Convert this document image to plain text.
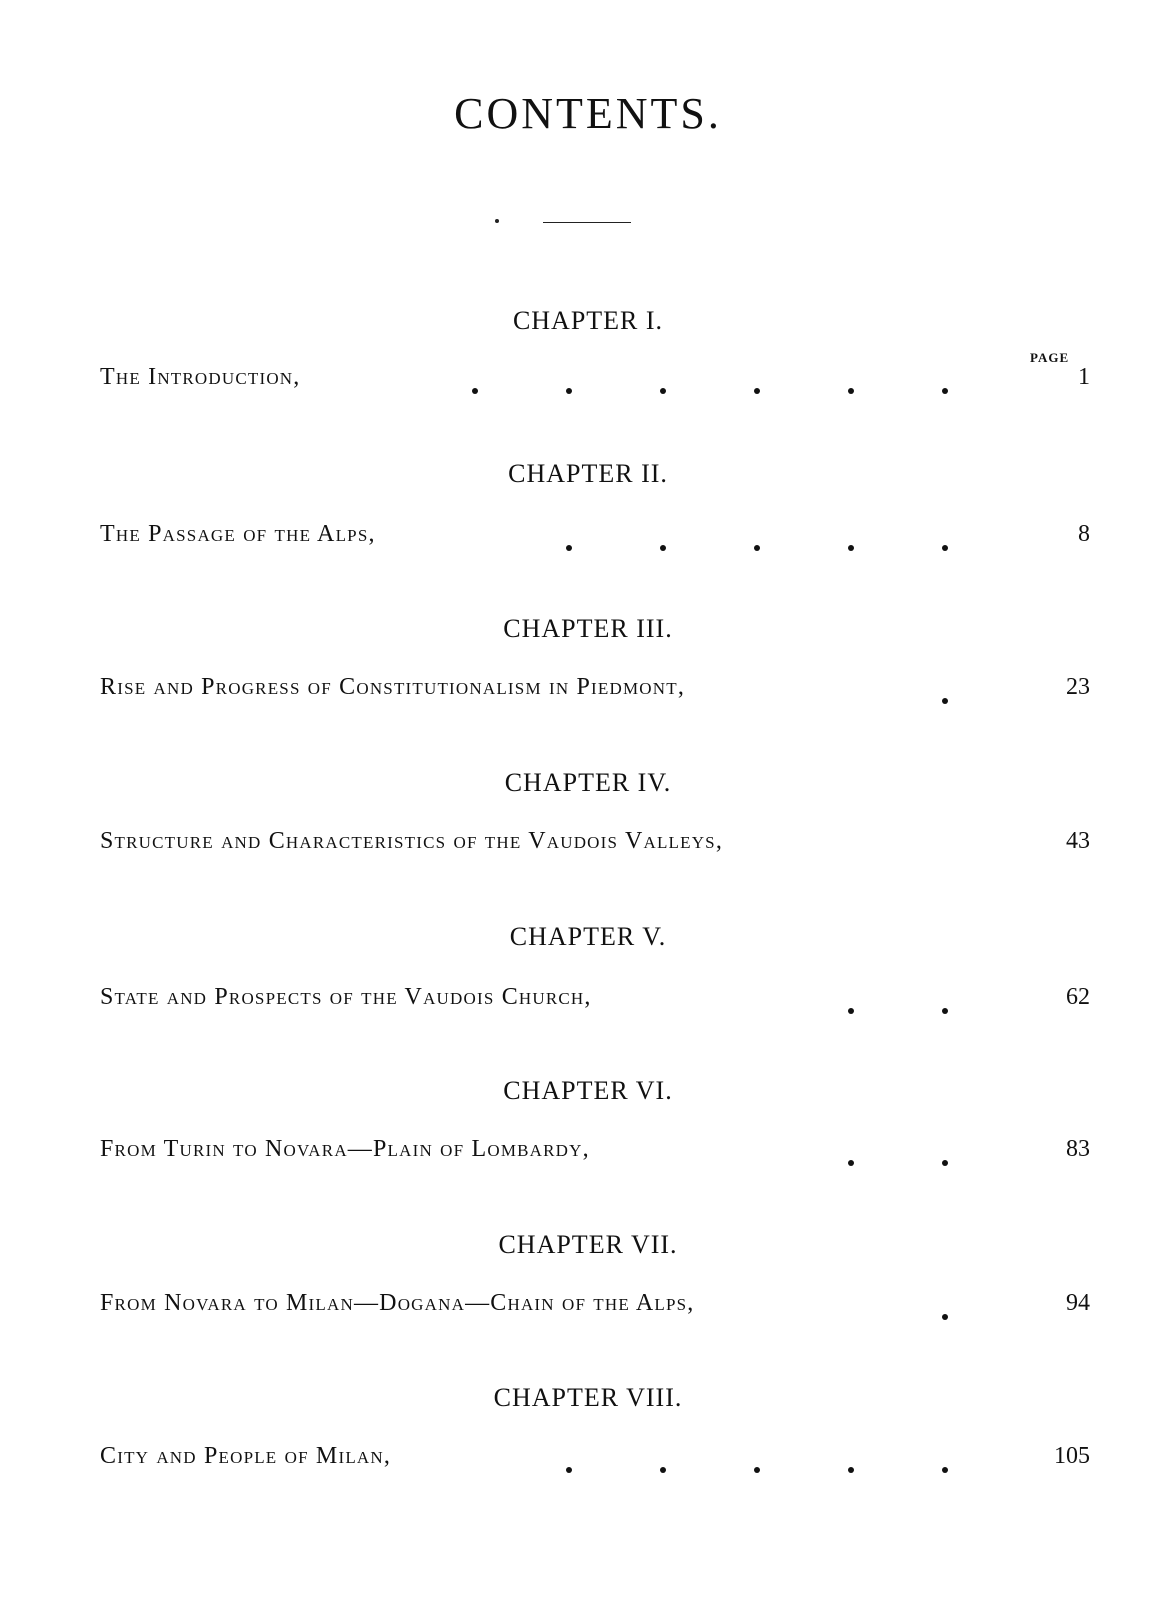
CONTENTS.
PAGE
CHAPTER I.
The Introduction,	1
CHAPTER II.
The Passage of the Alps,	8
CHAPTER III.
Rise and Progress of Constitutionalism in Piedmont,	23
CHAPTER IV.
Structure and Characteristics of the Vaudois Valleys,	43
CHAPTER V.
State and Prospects of the Vaudois Church,	62
CHAPTER VI.
From Turin to Novara—Plain of Lombardy,	83
CHAPTER VII.
From Novara to Milan—Dogana—Chain of the Alps,	94
CHAPTER VIII.
City and People of Milan,	105
